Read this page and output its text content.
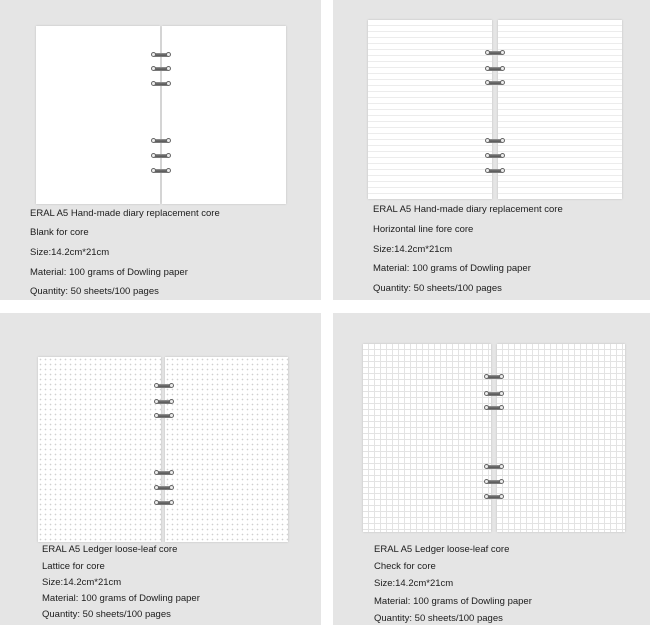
ERAL A5 Hand-made diary replacement core
Blank for core
Size:14.2cm*21cm
Material: 100 grams of Dowling paper
Quantity: 50 sheets/100 pages
ERAL A5 Hand-made diary replacement core
Horizontal line fore core
Size:14.2cm*21cm
Material: 100 grams of Dowling paper
Quantity: 50 sheets/100 pages
ERAL A5 Ledger loose-leaf core
Lattice for core
Size:14.2cm*21cm
Material: 100 grams of Dowling paper
Quantity: 50 sheets/100 pages
ERAL A5 Ledger loose-leaf core
Check for core
Size:14.2cm*21cm
Material: 100 grams of Dowling paper
Quantity: 50 sheets/100 pages
